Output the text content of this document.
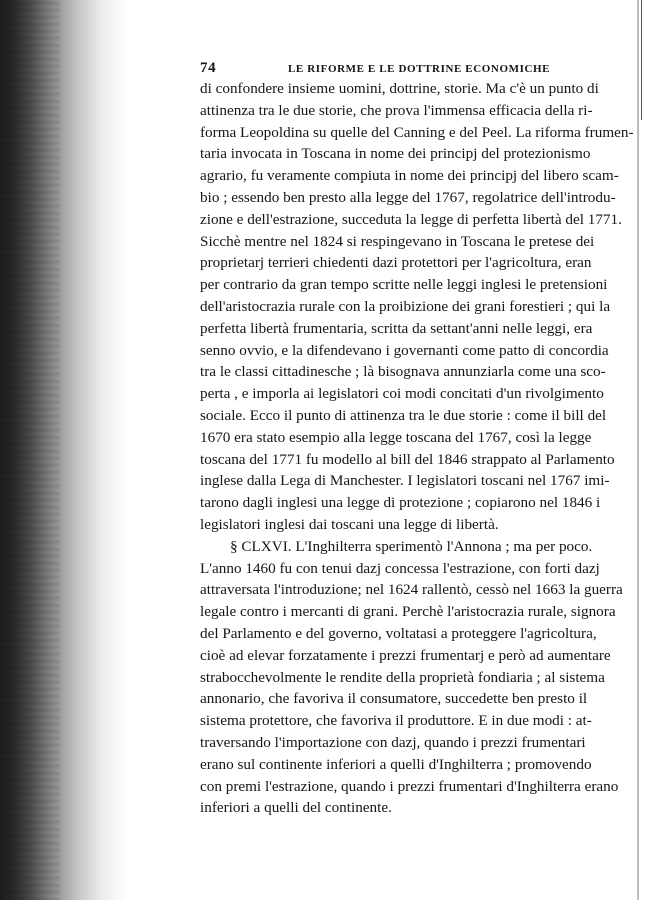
74	LE RIFORME E LE DOTTRINE ECONOMICHE
di confondere insieme uomini, dottrine, storie. Ma c'è un punto di
attinenza tra le due storie, che prova l'immensa efficacia della ri-
forma Leopoldina su quelle del Canning e del Peel. La riforma frumen-
taria invocata in Toscana in nome dei principj del protezionismo
agrario, fu veramente compiuta in nome dei principj del libero scam-
bio ; essendo ben presto alla legge del 1767, regolatrice dell'introdu-
zione e dell'estrazione, succeduta la legge di perfetta libertà del 1771.
Sicchè mentre nel 1824 si respingevano in Toscana le pretese dei
proprietarj terrieri chiedenti dazi protettori per l'agricoltura, eran
per contrario da gran tempo scritte nelle leggi inglesi le pretensioni
dell'aristocrazia rurale con la proibizione dei grani forestieri ; qui la
perfetta libertà frumentaria, scritta da settant'anni nelle leggi, era
senno ovvio, e la difendevano i governanti come patto di concordia
tra le classi cittadinesche ; là bisognava annunziarla come una sco-
perta , e imporla ai legislatori coi modi concitati d'un rivolgimento
sociale. Ecco il punto di attinenza tra le due storie : come il bill del
1670 era stato esempio alla legge toscana del 1767, così la legge
toscana del 1771 fu modello al bill del 1846 strappato al Parlamento
inglese dalla Lega di Manchester. I legislatori toscani nel 1767 imi-
tarono dagli inglesi una legge di protezione ; copiarono nel 1846 i
legislatori inglesi dai toscani una legge di libertà.
§ CLXVI. L'Inghilterra sperimentò l'Annona ; ma per poco.
L'anno 1460 fu con tenui dazj concessa l'estrazione, con forti dazj
attraversata l'introduzione; nel 1624 rallentò, cessò nel 1663 la guerra
legale contro i mercanti di grani. Perchè l'aristocrazia rurale, signora
del Parlamento e del governo, voltatasi a proteggere l'agricoltura,
cioè ad elevar forzatamente i prezzi frumentarj e però ad aumentare
strabocchevolmente le rendite della proprietà fondiaria ; al sistema
annonario, che favoriva il consumatore, succedette ben presto il
sistema protettore, che favoriva il produttore. E in due modi : at-
traversando l'importazione con dazj, quando i prezzi frumentari
erano sul continente inferiori a quelli d'Inghilterra ; promovendo
con premi l'estrazione, quando i prezzi frumentari d'Inghilterra erano
inferiori a quelli del continente.
